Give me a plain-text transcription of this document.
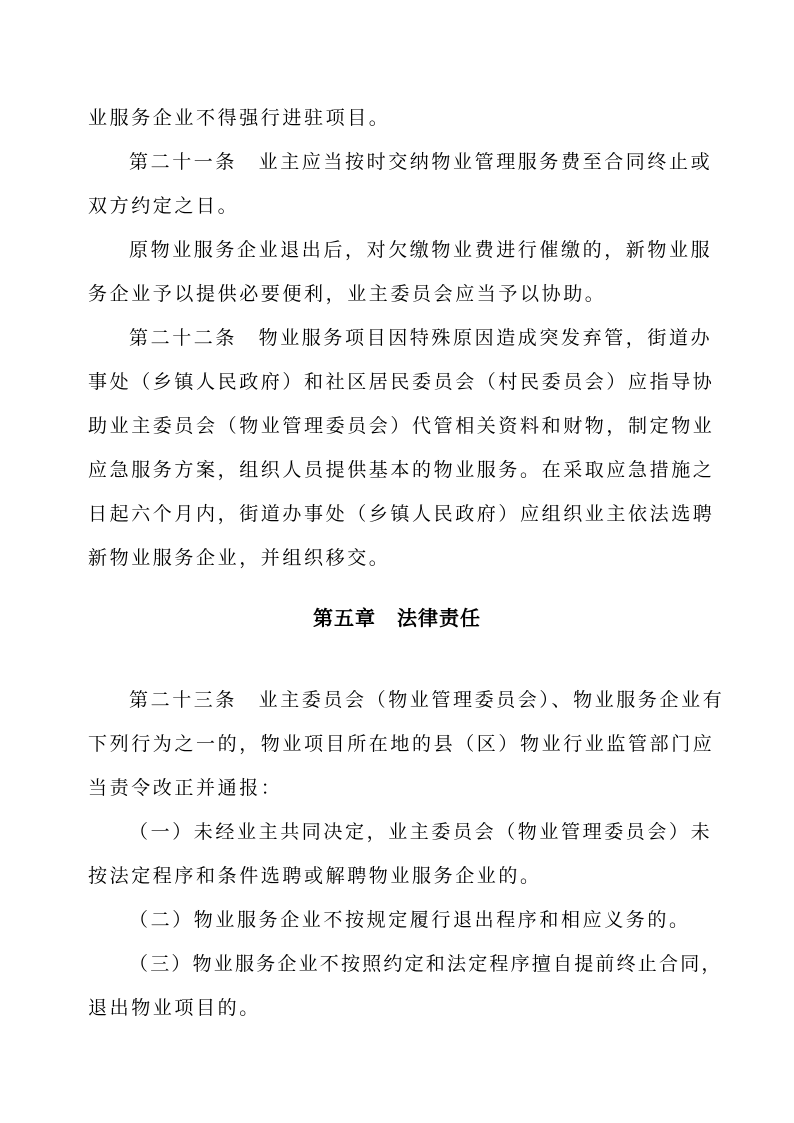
业服务企业不得强行进驻项目。
第二十一条　业主应当按时交纳物业管理服务费至合同终止或
双方约定之日。
原物业服务企业退出后，对欠缴物业费进行催缴的，新物业服
务企业予以提供必要便利，业主委员会应当予以协助。
第二十二条　物业服务项目因特殊原因造成突发弃管，街道办
事处（乡镇人民政府）和社区居民委员会（村民委员会）应指导协
助业主委员会（物业管理委员会）代管相关资料和财物，制定物业
应急服务方案，组织人员提供基本的物业服务。在采取应急措施之
日起六个月内，街道办事处（乡镇人民政府）应组织业主依法选聘
新物业服务企业，并组织移交。
第五章　法律责任
第二十三条　业主委员会（物业管理委员会）、物业服务企业有
下列行为之一的，物业项目所在地的县（区）物业行业监管部门应
当责令改正并通报：
（一）未经业主共同决定，业主委员会（物业管理委员会）未
按法定程序和条件选聘或解聘物业服务企业的。
（二）物业服务企业不按规定履行退出程序和相应义务的。
（三）物业服务企业不按照约定和法定程序擅自提前终止合同，
退出物业项目的。
